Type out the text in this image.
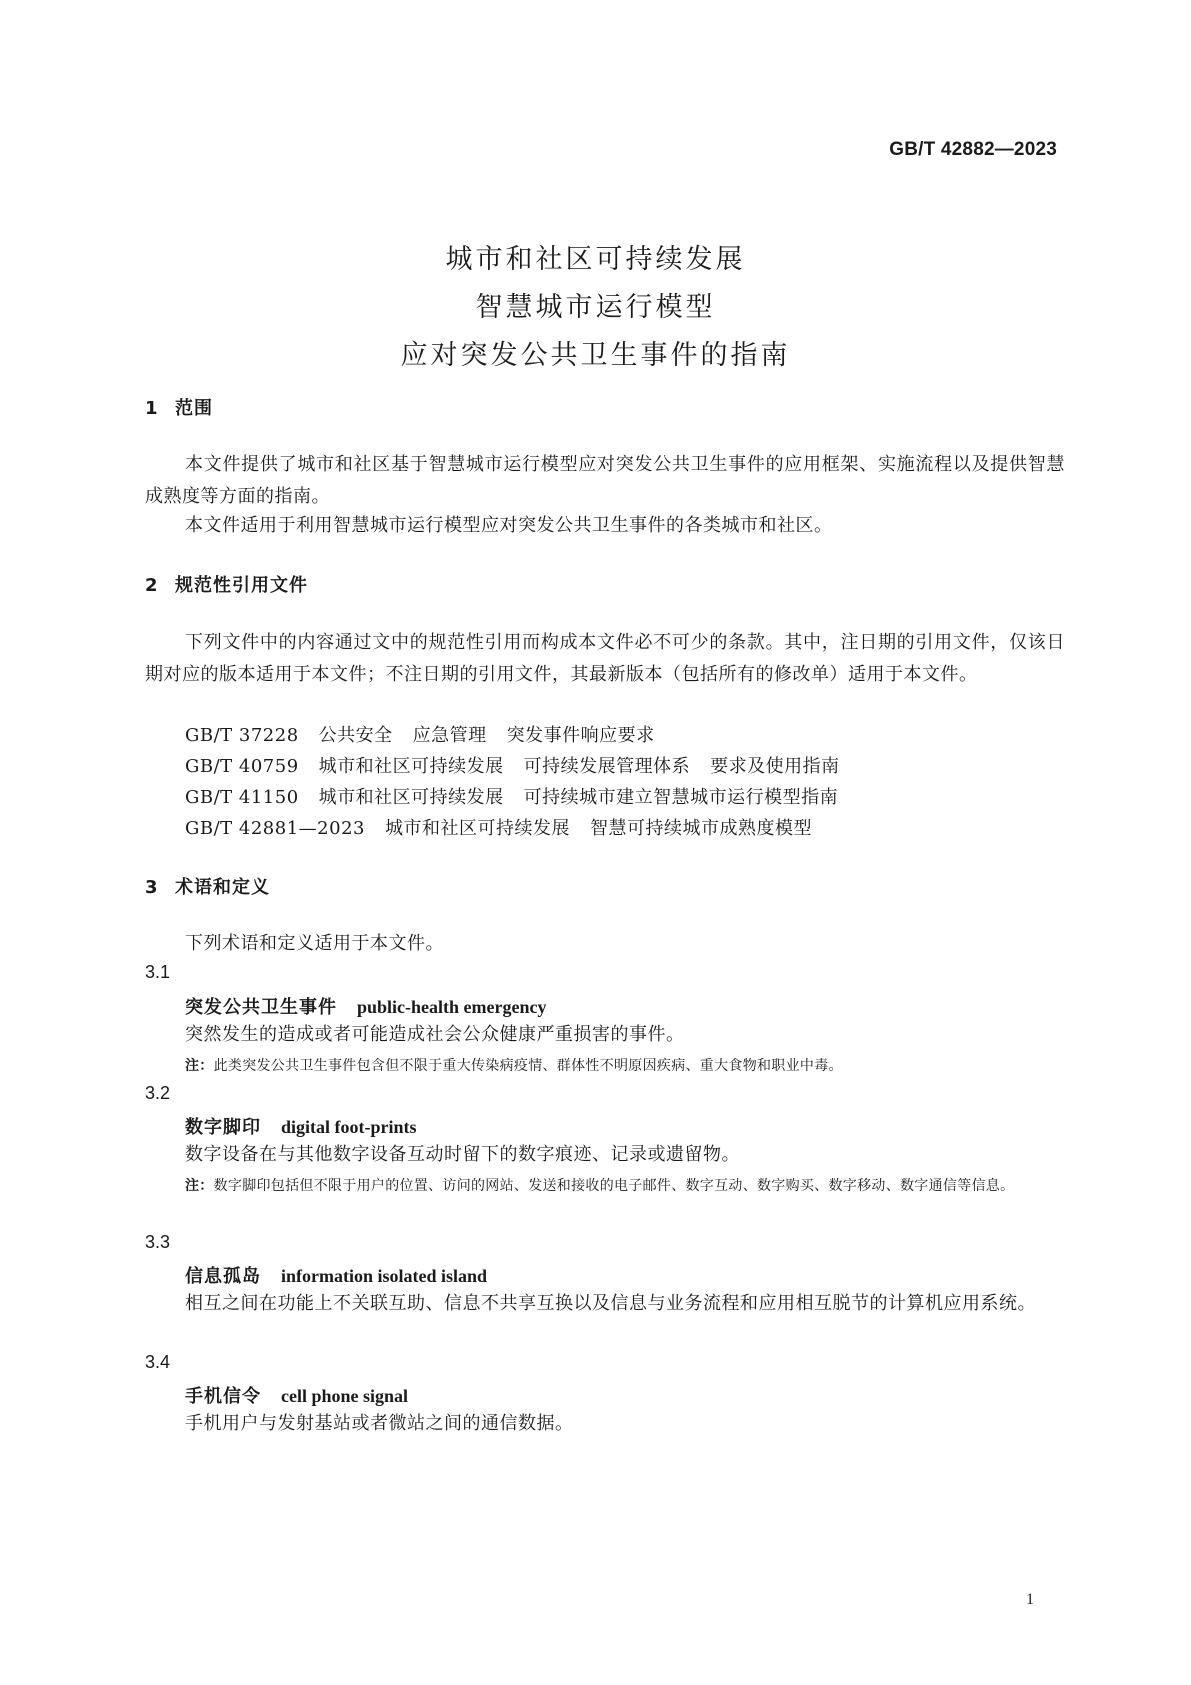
GB/T 42882—2023
城市和社区可持续发展
智慧城市运行模型
应对突发公共卫生事件的指南
1 范围
本文件提供了城市和社区基于智慧城市运行模型应对突发公共卫生事件的应用框架、实施流程以及提供智慧成熟度等方面的指南。
本文件适用于利用智慧城市运行模型应对突发公共卫生事件的各类城市和社区。
2 规范性引用文件
下列文件中的内容通过文中的规范性引用而构成本文件必不可少的条款。其中，注日期的引用文件，仅该日期对应的版本适用于本文件；不注日期的引用文件，其最新版本（包括所有的修改单）适用于本文件。
GB/T 37228 公共安全 应急管理 突发事件响应要求
GB/T 40759 城市和社区可持续发展 可持续发展管理体系 要求及使用指南
GB/T 41150 城市和社区可持续发展 可持续城市建立智慧城市运行模型指南
GB/T 42881—2023 城市和社区可持续发展 智慧可持续城市成熟度模型
3 术语和定义
下列术语和定义适用于本文件。
3.1
突发公共卫生事件 public-health emergency
突然发生的造成或者可能造成社会公众健康严重损害的事件。
注：此类突发公共卫生事件包含但不限于重大传染病疫情、群体性不明原因疾病、重大食物和职业中毒。
3.2
数字脚印 digital foot-prints
数字设备在与其他数字设备互动时留下的数字痕迹、记录或遗留物。
注：数字脚印包括但不限于用户的位置、访问的网站、发送和接收的电子邮件、数字互动、数字购买、数字移动、数字通信等信息。
3.3
信息孤岛 information isolated island
相互之间在功能上不关联互助、信息不共享互换以及信息与业务流程和应用相互脱节的计算机应用系统。
3.4
手机信令 cell phone signal
手机用户与发射基站或者微站之间的通信数据。
1
